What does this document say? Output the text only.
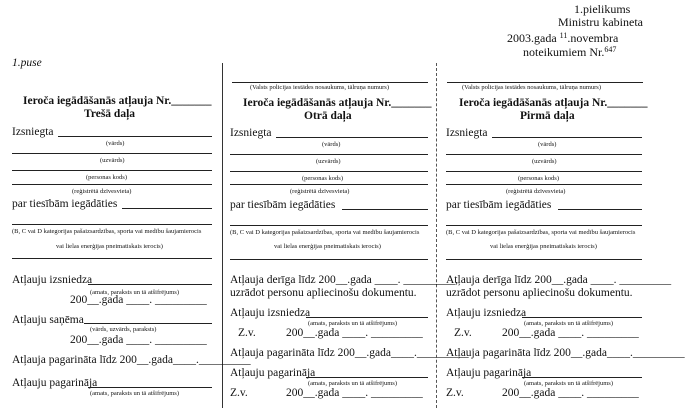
1.pielikums
Ministru kabineta
2003.gada $^{11}$.novembra
noteikumiem Nr.$^{647}$
1.puse
Ieroča iegādāšanās atļauja Nr._______
Trešā daļa
Izsniegta
(vārds)
(uzvārds)
(personas kods)
(reģistrētā dzīvesvieta)
par tiesībām iegādāties
(B, C vai D kategorijas pašaizsardzības, sporta vai medību šaujamierocis
vai lielas enerģijas pneimatiskais ierocis)
Atļauju izsniedza
(amats, paraksts un tā atšifrējums)
200__.gada ____. _________
Atļauju saņēma
(vārds, uzvārds, paraksts)
200__.gada ____. _________
Atļauja pagarināta līdz 200__.gada____._________
Atļauju pagarināja
(amats, paraksts un tā atšifrējums)
(Valsts policijas iestādes nosaukums, tālruņa numurs)
Ieroča iegādāšanās atļauja Nr._______
Otrā daļa
Izsniegta
(vārds)
(uzvārds)
(personas kods)
(reģistrētā dzīvesvieta)
par tiesībām iegādāties
(B, C vai D kategorijas pašaizsardzības, sporta vai medību šaujamierocis
vai lielas enerģijas pneimatiskais ierocis)
Atļauja derīga līdz 200__.gada ____. _________,
uzrādot personu apliecinošu dokumentu.
Atļauju izsniedza
(amats, paraksts un tā atšifrējums)
Z.v.	200__.gada ____. _________
Atļauja pagarināta līdz 200__.gada____._________
Atļauju pagarināja
(amats, paraksts un tā atšifrējums)
Z.v.	200__.gada ____. _________
(Valsts policijas iestādes nosaukums, tālruņa numurs)
Ieroča iegādāšanās atļauja Nr._______
Pirmā daļa
Izsniegta
(vārds)
(uzvārds)
(personas kods)
(reģistrētā dzīvesvieta)
par tiesībām iegādāties
(B, C vai D kategorijas pašaizsardzības, sporta vai medību šaujamierocis
vai lielas enerģijas pneimatiskais ierocis)
Atļauja derīga līdz 200__.gada ____. _________
uzrādot personu apliecinošu dokumentu.
Atļauju izsniedza
(amats, paraksts un tā atšifrējums)
Z.v.	200__.gada ____. _________
Atļauja pagarināta līdz 200__.gada____._________
Atļauju pagarināja
(amats, paraksts un tā atšifrējums)
Z.v.	200__.gada ____. _________
